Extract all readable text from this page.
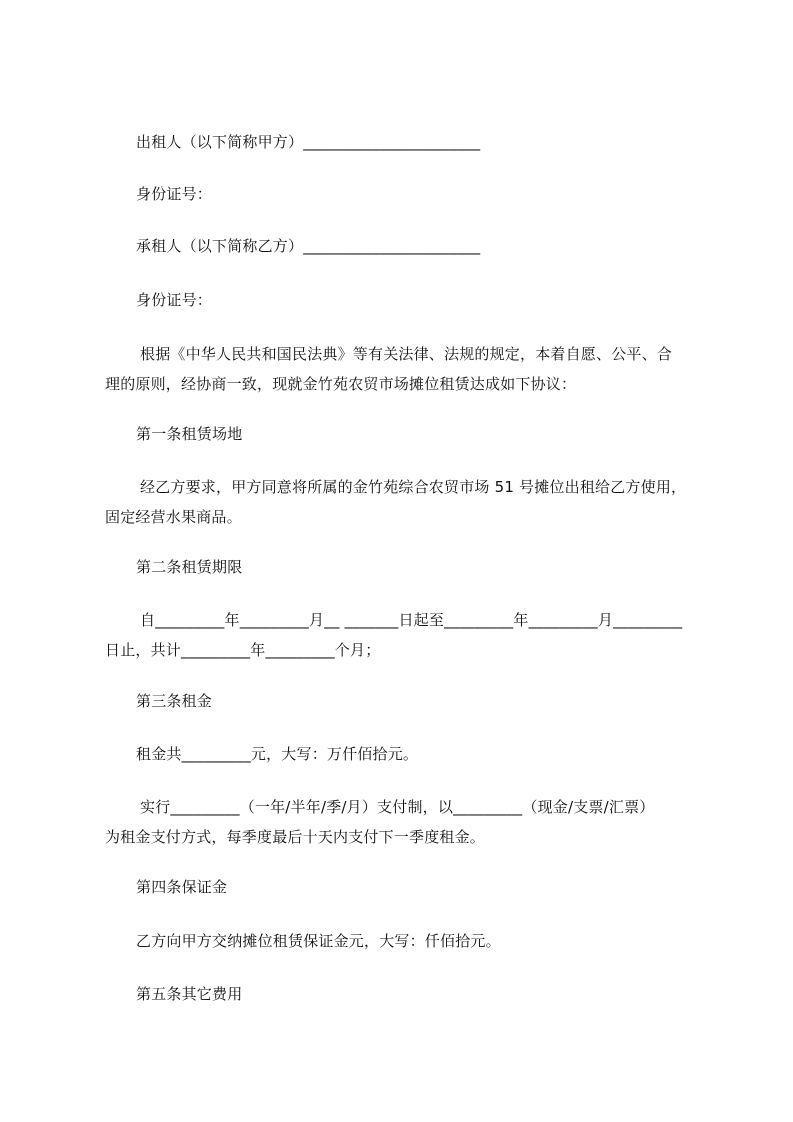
出租人（以下简称甲方）_______________________
身份证号：
承租人（以下简称乙方）_______________________
身份证号：
根据《中华人民共和国民法典》等有关法律、法规的规定，本着自愿、公平、合
理的原则，经协商一致，现就金竹苑农贸市场摊位租赁达成如下协议：
第一条租赁场地
经乙方要求，甲方同意将所属的金竹苑综合农贸市场 51 号摊位出租给乙方使用，
固定经营水果商品。
第二条租赁期限
自_________年_________月__ _______日起至_________年_________月_________
日止，共计_________年_________个月；
第三条租金
租金共_________元，大写：万仟佰拾元。
实行_________（一年/半年/季/月）支付制，以_________（现金/支票/汇票）
为租金支付方式，每季度最后十天内支付下一季度租金。
第四条保证金
乙方向甲方交纳摊位租赁保证金元，大写：仟佰拾元。
第五条其它费用
